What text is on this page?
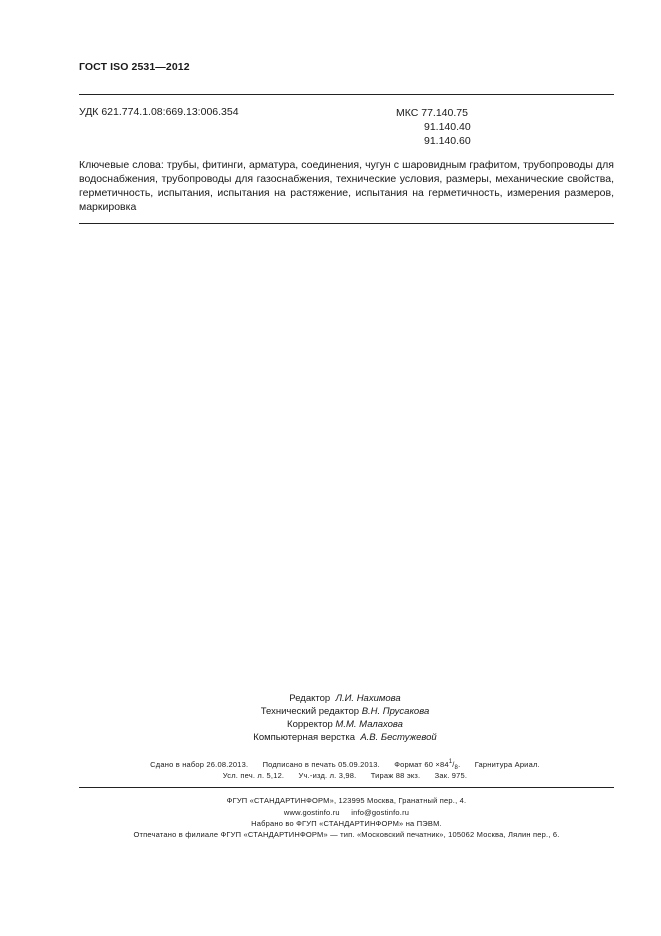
ГОСТ ISO 2531—2012
УДК 621.774.1.08:669.13:006.354	МКС 77.140.75
91.140.40
91.140.60
Ключевые слова: трубы, фитинги, арматура, соединения, чугун с шаровидным графитом, трубопроводы для водоснабжения, трубопроводы для газоснабжения, технические условия, размеры, механические свойства, герметичность, испытания, испытания на растяжение, испытания на герметичность, измерения размеров, маркировка
Редактор Л.И. Нахимова
Технический редактор В.Н. Прусакова
Корректор М.М. Малахова
Компьютерная верстка А.В. Бестужевой
Сдано в набор 26.08.2013. Подписано в печать 05.09.2013. Формат $60 \times 84^1/_8$. Гарнитура Ариал.
Усл. печ. л. 5,12. Уч.-изд. л. 3,98. Тираж 88 экз. Зак. 975.
ФГУП «СТАНДАРТИНФОРМ», 123995 Москва, Гранатный пер., 4.
www.gostinfo.ru info@gostinfo.ru
Набрано во ФГУП «СТАНДАРТИНФОРМ» на ПЭВМ.
Отпечатано в филиале ФГУП «СТАНДАРТИНФОРМ» — тип. «Московский печатник», 105062 Москва, Лялин пер., 6.
